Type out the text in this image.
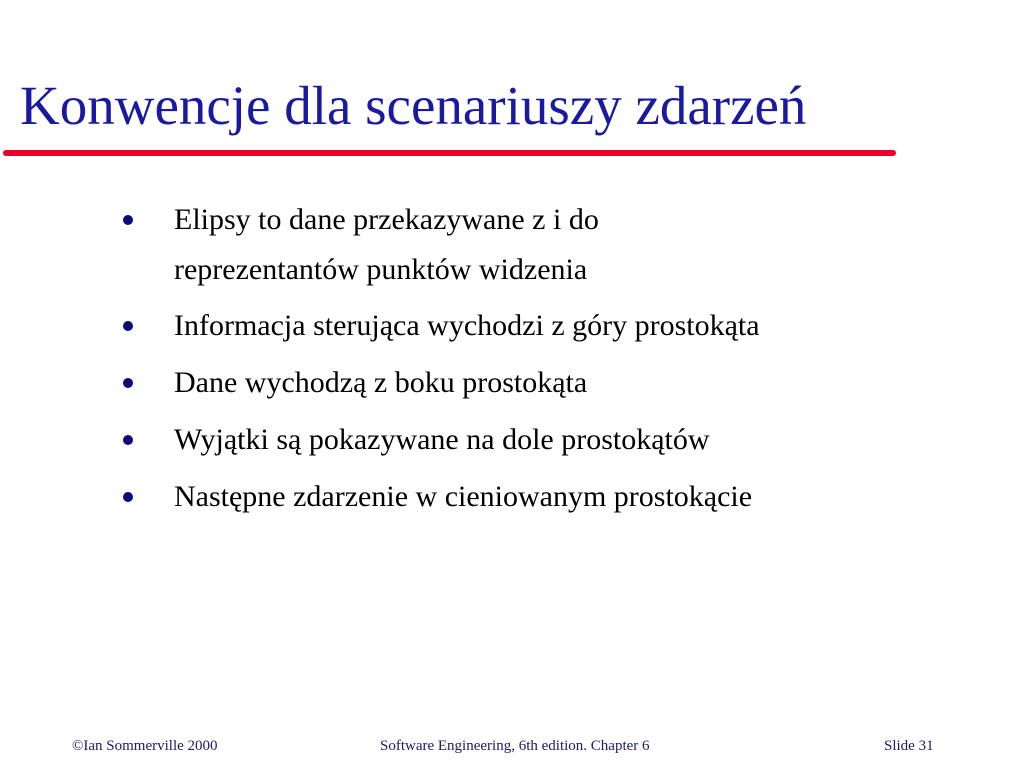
Konwencje dla scenariuszy zdarzeń
Elipsy to dane przekazywane z i do
reprezentantów punktów widzenia
Informacja sterująca wychodzi z góry prostokąta
Dane wychodzą z boku prostokąta
Wyjątki są pokazywane na dole prostokątów
Następne zdarzenie w cieniowanym prostokącie
©Ian Sommerville 2000	Software Engineering, 6th edition. Chapter 6	Slide 31
